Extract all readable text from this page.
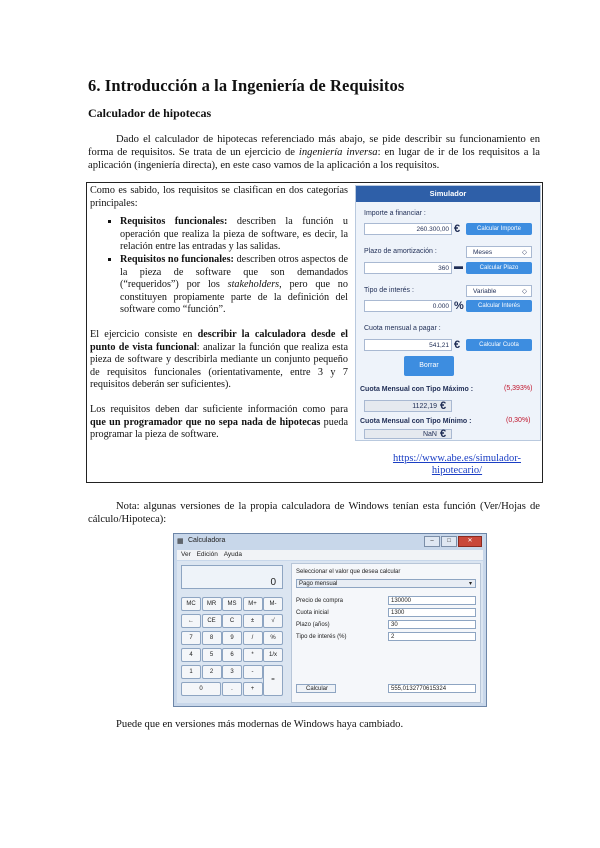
6. Introducción a la Ingeniería de Requisitos
Calculador de hipotecas

Dado el calculador de hipotecas referenciado más abajo, se pide describir su funcionamiento en forma de requisitos. Se trata de un ejercicio de ingeniería inversa: en lugar de ir de los requisitos a la aplicación (ingeniería directa), en este caso vamos de la aplicación a los requisitos.

Como es sabido, los requisitos se clasifican en dos categorías principales:

▪ Requisitos funcionales: describen la función u operación que realiza la pieza de software, es decir, la relación entre las entradas y las salidas.
▪ Requisitos no funcionales: describen otros aspectos de la pieza de software que son demandados (“requeridos”) por los stakeholders, pero que no constituyen propiamente parte de la definición del software como “función”.

El ejercicio consiste en describir la calculadora desde el punto de vista funcional: analizar la función que realiza esta pieza de software y describirla mediante un conjunto pequeño de requisitos funcionales (orientativamente, entre 3 y 7 requisitos deberán ser suficientes).

Los requisitos deben dar suficiente información como para que un programador que no sepa nada de hipotecas pueda programar la pieza de software.

Simulador
Importe a financiar :
260.300,00 €	Calcular Importe
Plazo de amortización :	Meses	◇
360 ▬	Calcular Plazo
Tipo de interés :	Variable	◇
0.000 %	Calcular Interés
Cuota mensual a pagar :
541,21 €	Calcular Cuota
Borrar
Cuota Mensual con Tipo Máximo :	(5,393%)
1122,19 €
Cuota Mensual con Tipo Mínimo :	(0,30%)
NaN €
https://www.abe.es/simulador-hipotecario/

Nota: algunas versiones de la propia calculadora de Windows tenían esta función (Ver/Hojas de cálculo/Hipoteca):

▦ Calculadora	– □	✕
Ver Edición Ayuda
0
MC	MR	MS	M+	M-
←	CE	C	±	√
7	8	9	/	%
4	5	6	*	1/x
1	2	3	-
0	.	+
=
Seleccionar el valor que desea calcular
Pago mensual	▾
Precio de compra	130000
Cuota inicial	1300
Plazo (años)	30
Tipo de interés (%)	2
Calcular	555,0132770615324

Puede que en versiones más modernas de Windows haya cambiado.
